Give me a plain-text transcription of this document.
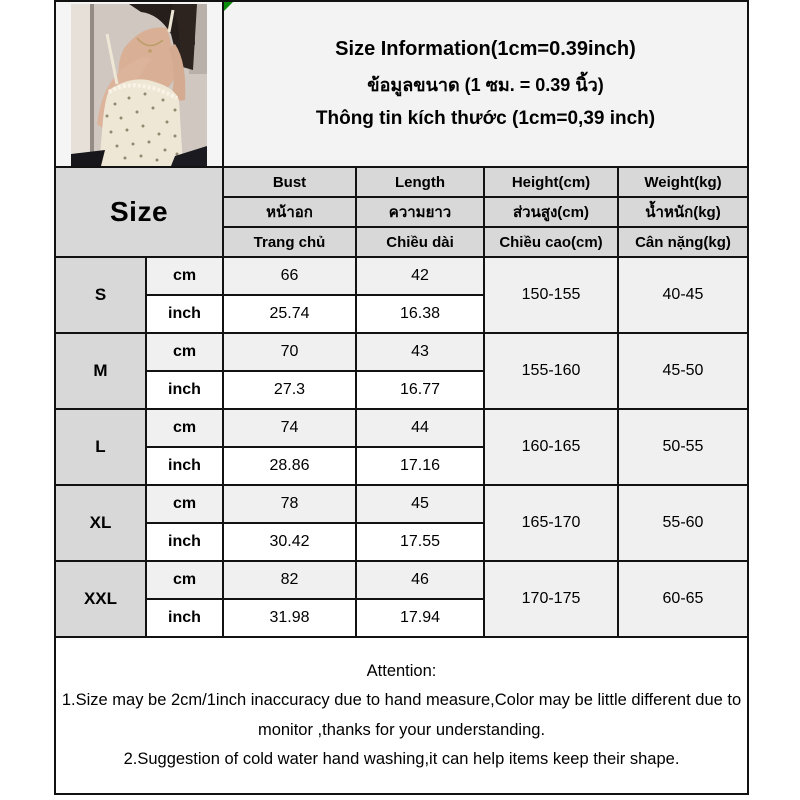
Size Information(1cm=0.39inch)
ข้อมูลขนาด (1 ซม. = 0.39 นิ้ว)
Thông tin kích thước (1cm=0,39 inch)			

Size		Bust	Length	Height(cm)	Weight(kg)
		หน้าอก	ความยาว	ส่วนสูง(cm)	น้ำหนัก(kg)
		Trang chủ	Chiều dài	Chiều cao(cm)	Cân nặng(kg)
S	cm	66	42	150-155	40-45
	inch	25.74	16.38		
M	cm	70	43	155-160	45-50
	inch	27.3	16.77		
L	cm	74	44	160-165	50-55
	inch	28.86	17.16		
XL	cm	78	45	165-170	55-60
	inch	30.42	17.55		
XXL	cm	82	46	170-175	60-65
	inch	31.98	17.94		

Attention:
1.Size may be 2cm/1inch inaccuracy due to hand measure,Color may be little different due to monitor ,thanks for your understanding.
2.Suggestion of cold water hand washing,it can help items keep their shape.					
